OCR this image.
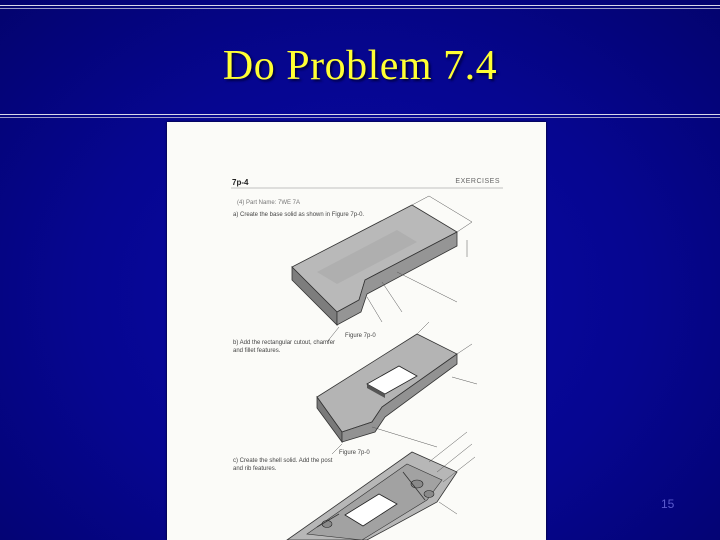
Do Problem 7.4
7p-4	EXERCISES
(4) Part Name: 7WE 7A
a) Create the base solid as shown in Figure 7p-0.
Figure 7p-0
b) Add the rectangular cutout, chamfer and fillet features.
Figure 7p-0
c) Create the shell solid. Add the post and rib features.
15
